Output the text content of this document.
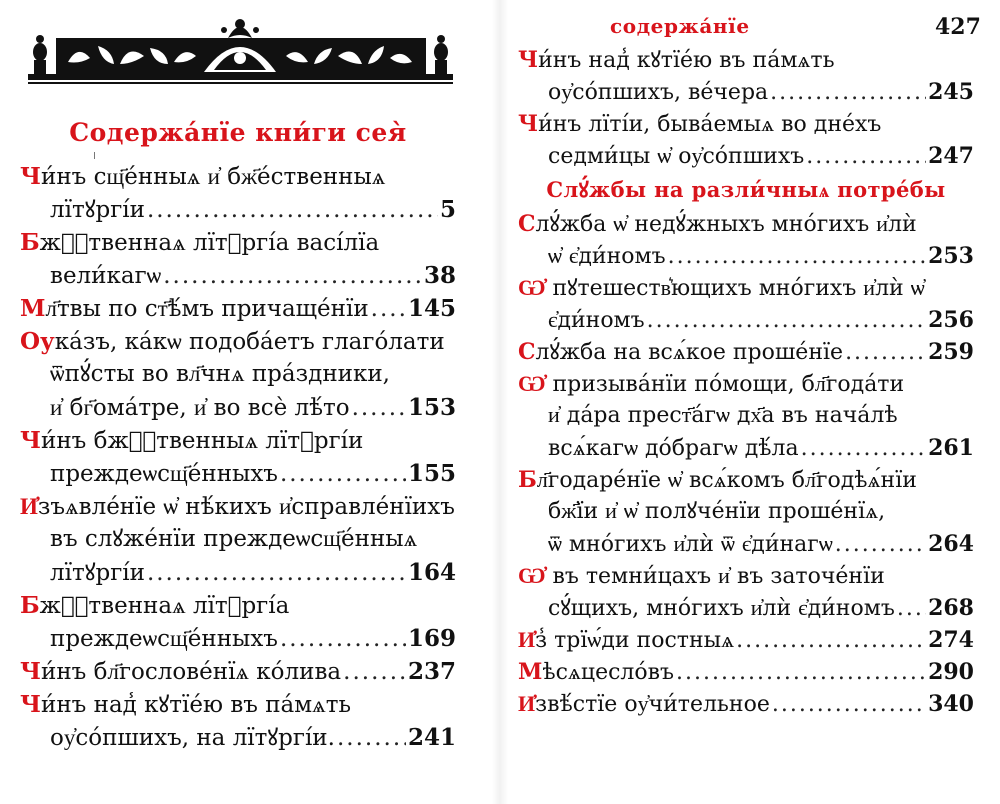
Содержа́нїе кни́ги сея̀
Чи́нъ сщ҃е́нныѧ и҆ бж҃е́ственныѧ
лїтꙋргі́и .....	5
Бжⷭ҇твеннаѧ лїтꙋргі́а васі́лїа
вели́кагѡ .....	38
Мл҃твы по ст҃ѣ́мъ причаще́нїи ..... 145
Оука́зъ, ка́кѡ подоба́етъ глаго́лати
ѿпꙋ́сты во вл҃чнѧ пра́здники,
и҆ бг҃ома́тре, и҆ во всѐ лѣ́то .....	153
Чи́нъ бжⷭ҇твенныѧ лїтꙋргі́и
преждеѡсщ҃е́нныхъ .....	155
И҆зъѧвле́нїе ѡ҆ нѣ́кихъ и҆справле́нїихъ
въ слꙋже́нїи преждеѡсщ҃е́нныѧ
лїтꙋргі́и .....	164
Бжⷭ҇твеннаѧ лїтꙋргі́а
преждеѡсщ҃е́нныхъ .....	169
Чи́нъ бл҃гослове́нїѧ ко́лива .....	237
Чи́нъ над̾ кꙋтїе́ю въ па́мѧть
оу҆со́пшихъ, на лїтꙋргі́и. .....	241
содержа́нїе	427
Чи́нъ над̾ кꙋтїе́ю въ па́мѧть
оу҆со́пшихъ, ве́чера .....	245
Чи́нъ лїті́и, быва́емыѧ во дне́хъ
седми́цы ѡ҆ оу҆со́пшихъ .....	247
Слꙋ́жбы на разли́чныѧ потре́бы
Слꙋ́жба ѡ҆ недꙋ́жныхъ мно́гихъ и҆лѝ
ѡ҆ є҆ди́номъ .....	253
Ѡ҆ пꙋтешеств͛ющихъ мно́гихъ и҆лѝ ѡ҆
є҆ди́номъ .....	256
Слꙋ́жба на всѧ́кое проше́нїе .....	259
Ѡ҆ призыва́нїи по́мощи, бл҃года́ти
и҆ да́ра прест҃а́гѡ дх҃а въ нача́лѣ
всѧ́кагѡ до́брагѡ дѣ́ла .....	261
Бл҃годаре́нїе ѡ҆ всѧ́комъ бл҃годѣѧ́нїи
бж҃їи и҆ ѡ҆ полꙋче́нїи проше́нїѧ,
ѿ мно́гихъ и҆лѝ ѿ є҆ди́нагѡ .....	264
Ѡ҆ въ темни́цахъ и҆ въ заточе́нїи
сꙋ́щихъ, мно́гихъ и҆лѝ є҆ди́номъ ..... 268
И҆з̾ трїѡ́ди постныѧ .....	274
Мѣсѧцесло́въ .....	290
И҆звѣ́стїе оу҆чи́тельное .....	340
